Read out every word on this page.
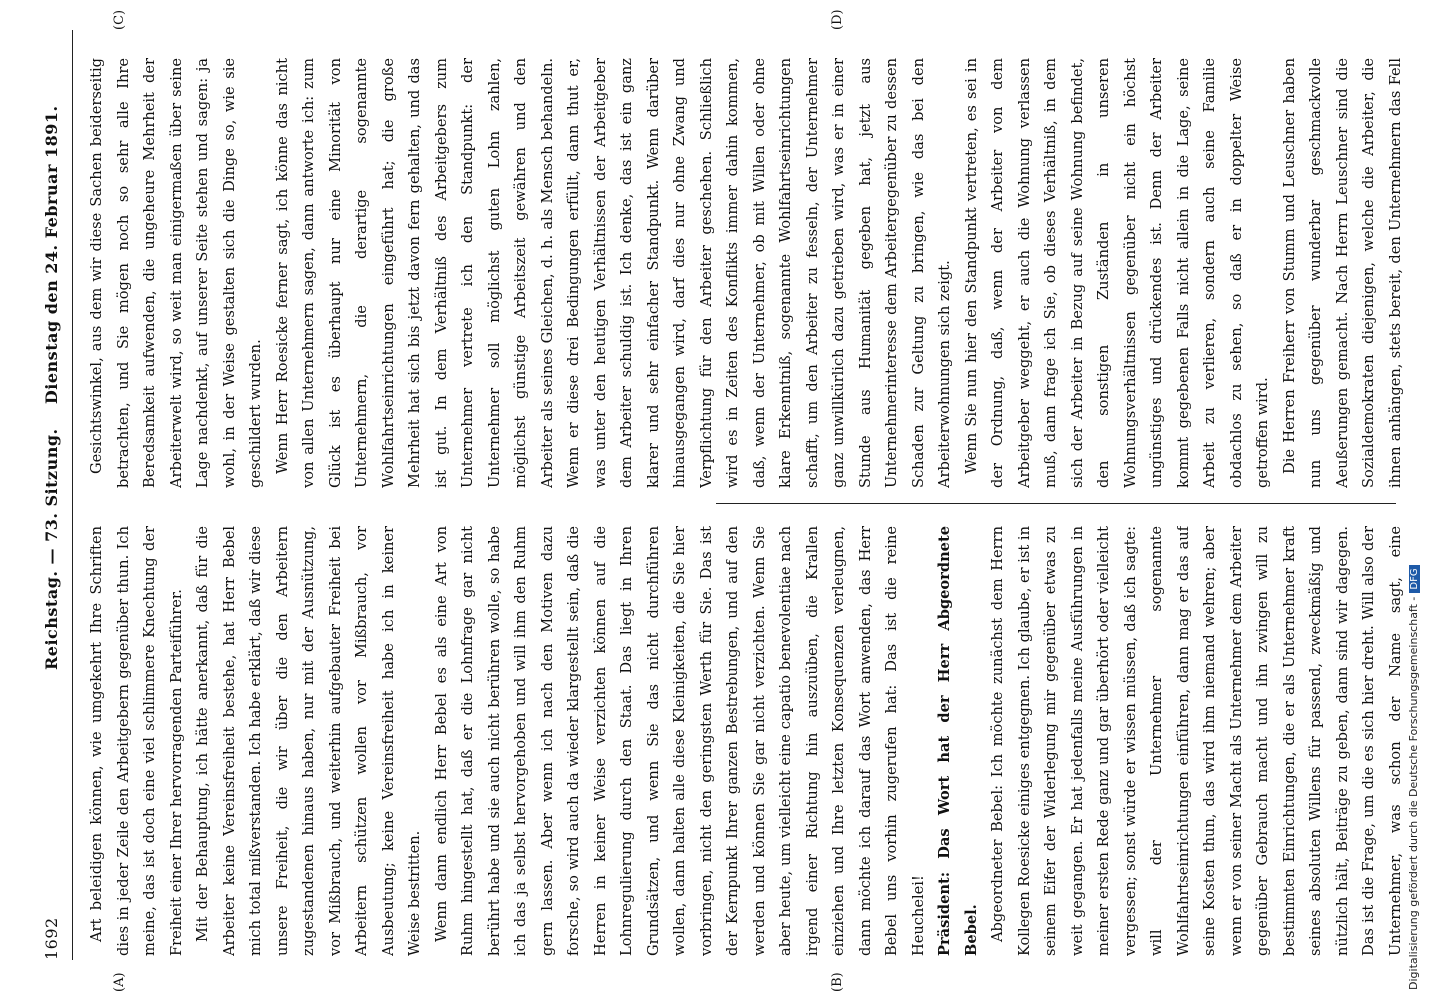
1692
Reichstag. — 73. Sitzung.    Dienstag den 24. Februar 1891.
(A)	(B)
(C)	(D)

Art beleidigen können, wie umgekehrt Ihre Schriften dies in jeder Zeile den Arbeitgebern gegenüber thun. Ich meine, das ist doch eine viel schlimmere Knechtung der Freiheit einer Ihrer hervorragenden Parteiführer. Mit der Behauptung, ich hätte anerkannt, daß für die Arbeiter keine Vereinsfreiheit bestehe, hat Herr Bebel mich total mißverstanden. Ich habe erklärt, daß wir diese unsere Freiheit, die wir über die den Arbeitern zugestandenen hinaus haben, nur mit der Ausnützung, vor Mißbrauch, und weiterhin aufgebauter Freiheit bei Arbeitern schützen wollen vor Mißbrauch, vor Ausbeutung; keine Vereinsfreiheit habe ich in keiner Weise bestritten. Wenn dann endlich Herr Bebel es als eine Art von Ruhm hingestellt hat, daß er die Lohnfrage gar nicht berührt habe und sie auch nicht berühren wolle, so habe ich das ja selbst hervorgehoben und will ihm den Ruhm gern lassen. Aber wenn ich nach den Motiven dazu forsche, so wird auch da wieder klargestellt sein, daß die Herren in keiner Weise verzichten können auf die Lohnregulierung durch den Staat. Das liegt in Ihren Grundsätzen, und wenn Sie das nicht durchführen wollen, dann halten alle diese Kleinigkeiten, die Sie hier vorbringen, nicht den geringsten Werth für Sie. Das ist der Kernpunkt Ihrer ganzen Bestrebungen, und auf den werden und können Sie gar nicht verzichten. Wenn Sie aber heute, um vielleicht eine capatio benevolentiae nach irgend einer Richtung hin auszuüben, die Krallen einziehen und Ihre letzten Konsequenzen verleugnen, dann möchte ich darauf das Wort anwenden, das Herr Bebel uns vorhin zugerufen hat: Das ist die reine Heuchelei! Präsident: Das Wort hat der Herr Abgeordnete Bebel. Abgeordneter Bebel: Ich möchte zunächst dem Herrn Kollegen Roesicke einiges entgegnen. Ich glaube, er ist in seinem Eifer der Widerlegung mir gegenüber etwas zu weit gegangen. Er hat jedenfalls meine Ausführungen in meiner ersten Rede ganz und gar überhört oder vielleicht vergessen; sonst würde er wissen müssen, daß ich sagte: will der Unternehmer sogenannte Wohlfahrtseinrichtungen einführen, dann mag er das auf seine Kosten thun, das wird ihm niemand wehren; aber wenn er von seiner Macht als Unternehmer dem Arbeiter gegenüber Gebrauch macht und ihn zwingen will zu bestimmten Einrichtungen, die er als Unternehmer kraft seines absoluten Willens für passend, zweckmäßig und nützlich hält, Beiträge zu geben, dann sind wir dagegen. Das ist die Frage, um die es sich hier dreht. Will also der Unternehmer, was schon der Name sagt, eine

Gesichtswinkel, aus dem wir diese Sachen beiderseitig betrachten, und Sie mögen noch so sehr alle Ihre Beredsamkeit aufwenden, die ungeheure Mehrheit der Arbeiterwelt wird, so weit man einigermaßen über seine Lage nachdenkt, auf unserer Seite stehen und sagen: ja wohl, in der Weise gestalten sich die Dinge so, wie sie geschildert wurden. Wenn Herr Roesicke ferner sagt, ich könne das nicht von allen Unternehmern sagen, dann antworte ich: zum Glück ist es überhaupt nur eine Minorität von Unternehmern, die derartige sogenannte Wohlfahrtseinrichtungen eingeführt hat; die große Mehrheit hat sich bis jetzt davon fern gehalten, und das ist gut. In dem Verhältniß des Arbeitgebers zum Unternehmer vertrete ich den Standpunkt: der Unternehmer soll möglichst guten Lohn zahlen, möglichst günstige Arbeitszeit gewähren und den Arbeiter als seines Gleichen, d. h. als Mensch behandeln. Wenn er diese drei Bedingungen erfüllt, dann thut er, was unter den heutigen Verhältnissen der Arbeitgeber dem Arbeiter schuldig ist. Ich denke, das ist ein ganz klarer und sehr einfacher Standpunkt. Wenn darüber hinausgegangen wird, darf dies nur ohne Zwang und Verpflichtung für den Arbeiter geschehen. Schließlich wird es in Zeiten des Konflikts immer dahin kommen, daß, wenn der Unternehmer, ob mit Willen oder ohne klare Erkenntniß, sogenannte Wohlfahrtseinrichtungen schafft, um den Arbeiter zu fesseln, der Unternehmer ganz unwillkürlich dazu getrieben wird, was er in einer Stunde aus Humanität gegeben hat, jetzt aus Unternehmerinteresse dem Arbeitergegenüber zu dessen Schaden zur Geltung zu bringen, wie das bei den Arbeiterwohnungen sich zeigt. Wenn Sie nun hier den Standpunkt vertreten, es sei in der Ordnung, daß, wenn der Arbeiter von dem Arbeitgeber weggeht, er auch die Wohnung verlassen muß, dann frage ich Sie, ob dieses Verhältniß, in dem sich der Arbeiter in Bezug auf seine Wohnung befindet, den sonstigen Zuständen in unseren Wohnungsverhältnissen gegenüber nicht ein höchst ungünstiges und drückendes ist. Denn der Arbeiter kommt gegebenen Falls nicht allein in die Lage, seine Arbeit zu verlieren, sondern auch seine Familie obdachlos zu sehen, so daß er in doppelter Weise getroffen wird. Die Herren Freiherr von Stumm und Leuschner haben nun uns gegenüber wunderbar geschmackvolle Aeußerungen gemacht. Nach Herrn Leuschner sind die Sozialdemokraten diejenigen, welche die Arbeiter, die ihnen anhängen, stets bereit, den Unternehmern das Fell

Digitalisierung gefördert durch die Deutsche Forschungsgemeinschaft -DFG
